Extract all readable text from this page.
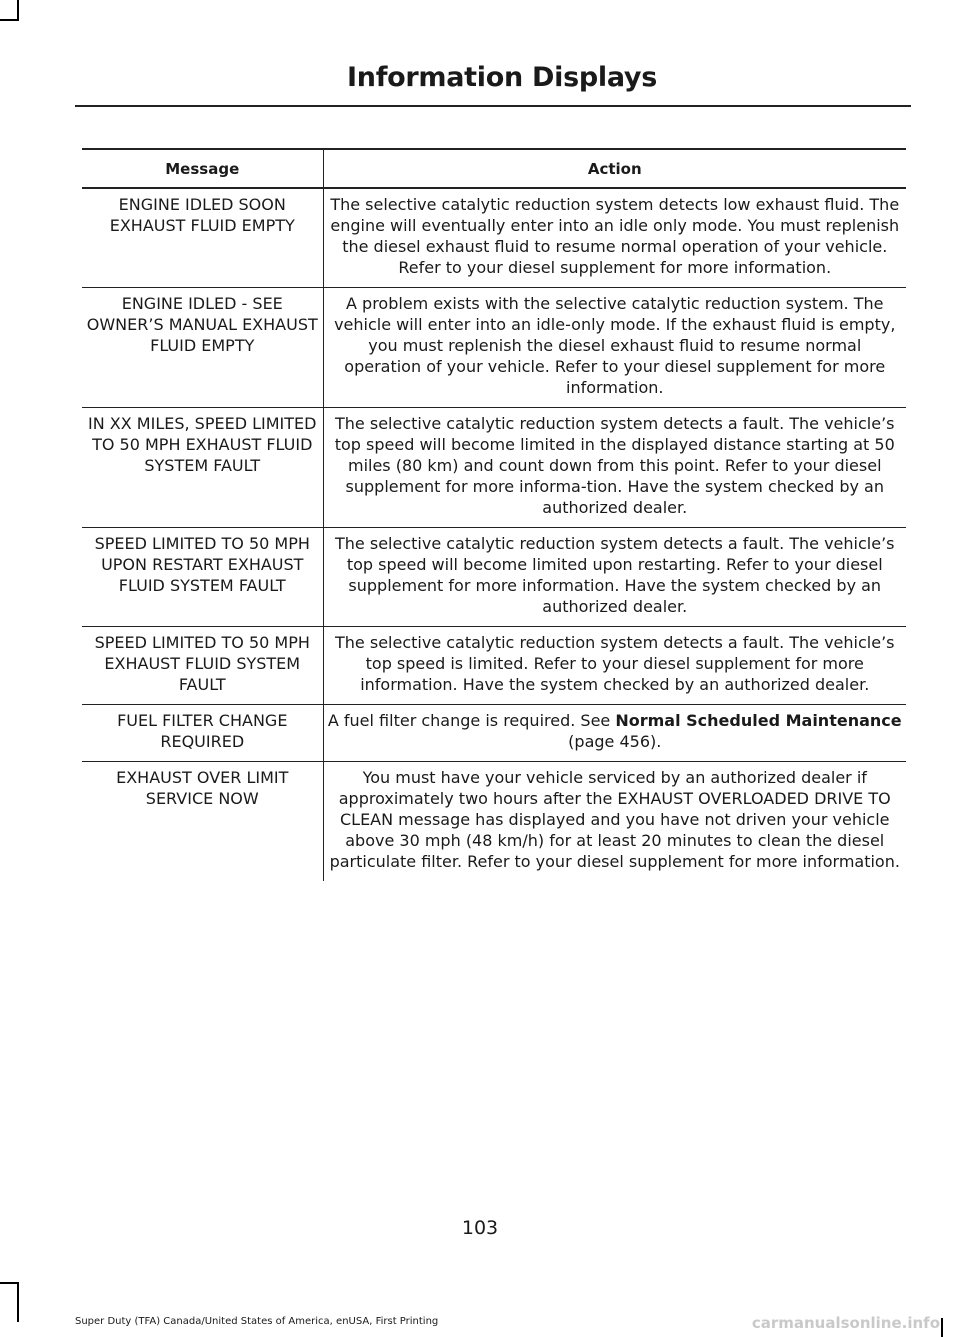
Information Displays
Message	Action
ENGINE IDLED SOON EXHAUST FLUID EMPTY	The selective catalytic reduction system detects low exhaust fluid. The engine will eventually enter into an idle only mode. You must replenish the diesel exhaust fluid to resume normal operation of your vehicle. Refer to your diesel supplement for more information.
ENGINE IDLED - SEE OWNER’S MANUAL EXHAUST FLUID EMPTY	A problem exists with the selective catalytic reduction system. The vehicle will enter into an idle-only mode. If the exhaust fluid is empty, you must replenish the diesel exhaust fluid to resume normal operation of your vehicle. Refer to your diesel supplement for more information.
IN XX MILES, SPEED LIMITED TO 50 MPH EXHAUST FLUID SYSTEM FAULT	The selective catalytic reduction system detects a fault. The vehicle’s top speed will become limited in the displayed distance starting at 50 miles (80 km) and count down from this point. Refer to your diesel supplement for more informa-tion. Have the system checked by an authorized dealer.
SPEED LIMITED TO 50 MPH UPON RESTART EXHAUST FLUID SYSTEM FAULT	The selective catalytic reduction system detects a fault. The vehicle’s top speed will become limited upon restarting. Refer to your diesel supplement for more information. Have the system checked by an authorized dealer.
SPEED LIMITED TO 50 MPH EXHAUST FLUID SYSTEM FAULT	The selective catalytic reduction system detects a fault. The vehicle’s top speed is limited. Refer to your diesel supplement for more information. Have the system checked by an authorized dealer.
FUEL FILTER CHANGE REQUIRED	A fuel filter change is required. See Normal Scheduled Maintenance (page 456).
EXHAUST OVER LIMIT SERVICE NOW	You must have your vehicle serviced by an authorized dealer if approximately two hours after the EXHAUST OVERLOADED DRIVE TO CLEAN message has displayed and you have not driven your vehicle above 30 mph (48 km/h) for at least 20 minutes to clean the diesel particulate filter. Refer to your diesel supplement for more information.
103
Super Duty (TFA) Canada/United States of America, enUSA, First Printing	carmanualsonline.info
